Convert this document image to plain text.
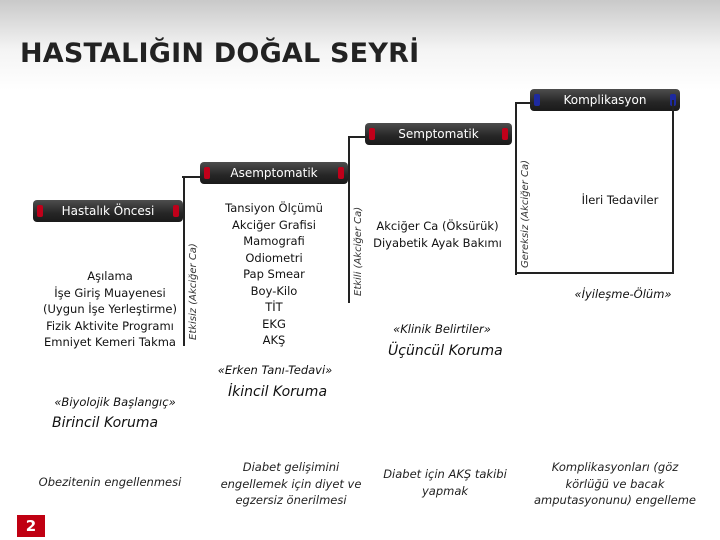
HASTALIĞIN DOĞAL SEYRİ
Komplikasyon
Semptomatik
Asemptomatik
Hastalık Öncesi
Etkisiz (Akciğer Ca)	Etkili (Akciğer Ca)	Gereksiz (Akciğer Ca)
Aşılama
İşe Giriş Muayenesi
(Uygun İşe Yerleştirme)
Fizik Aktivite Programı
Emniyet Kemeri Takma
Tansiyon Ölçümü
Akciğer Grafisi
Mamografi
Odiometri
Pap Smear
Boy-Kilo
TİT
EKG
AKŞ
Akciğer Ca (Öksürük)
Diyabetik Ayak Bakımı
İleri Tedaviler
«Biyolojik Başlangıç»
«Erken Tanı-Tedavi»
«Klinik Belirtiler»
«İyileşme-Ölüm»
Birincil Koruma
İkincil Koruma
Üçüncül Koruma
Obezitenin engellenmesi
Diabet gelişimini engellemek için diyet ve egzersiz önerilmesi
Diabet için AKŞ takibi yapmak
Komplikasyonları (göz körlüğü ve bacak amputasyonunu) engelleme
2
